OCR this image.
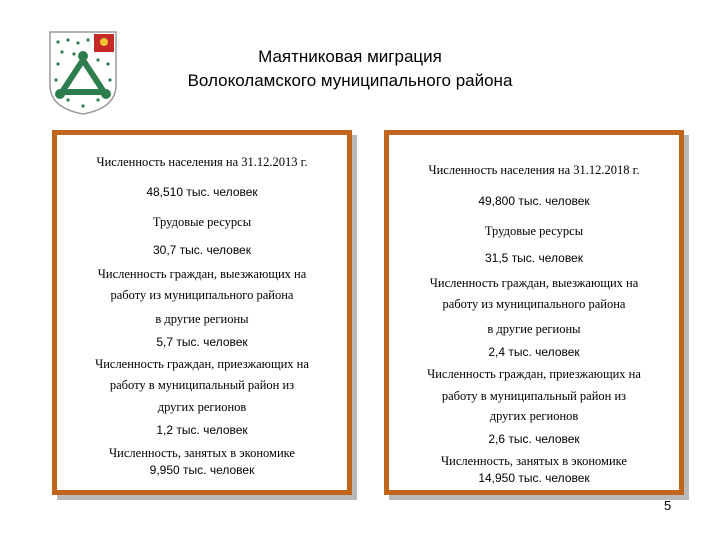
Маятниковая миграция
Волоколамского муниципального района
Численность населения на 31.12.2013 г.
48,510 тыс. человек
Трудовые ресурсы
30,7 тыс. человек
Численность граждан, выезжающих на
работу из муниципального района
в другие регионы
5,7 тыс. человек
Численность граждан, приезжающих на
работу в муниципальный район из
других регионов
1,2 тыс. человек
Численность, занятых в экономике
9,950 тыс. человек
Численность населения на 31.12.2018 г.
49,800 тыс. человек
Трудовые ресурсы
31,5 тыс. человек
Численность граждан, выезжающих на
работу из муниципального района
в другие регионы
2,4 тыс. человек
Численность граждан, приезжающих на
работу в муниципальный район из
других регионов
2,6 тыс. человек
Численность, занятых в экономике
14,950 тыс. человек
5
